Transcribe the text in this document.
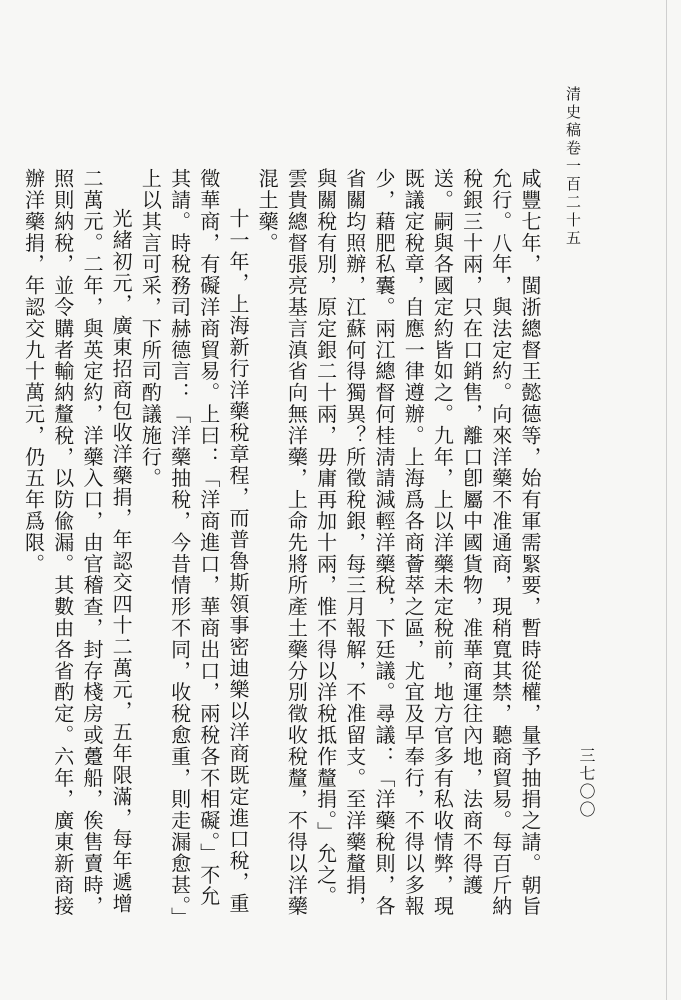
清史稿卷一百二十五

咸豐七年，閩浙總督王懿德等，始有軍需緊要，暫時從權，量予抽捐之請。朝旨允行。八年，與法定約。向來洋藥不准通商，現稍寬其禁，聽商貿易。每百斤納稅銀三十兩，只在口銷售，離口卽屬中國貨物，准華商運往內地，法商不得護送。嗣與各國定約皆如之。九年，上以洋藥未定稅前，地方官多有私收情弊，現既議定稅章，自應一律遵辦。上海爲各商薈萃之區，尤宜及早奉行，不得以多報少，藉肥私囊。兩江總督何桂淸請減輕洋藥稅，下廷議。尋議：「洋藥稅則，各省關均照辦，江蘇何得獨異？所徵稅銀，每三月報解，不准留支。至洋藥釐捐，與關稅有別，原定銀二十兩，毋庸再加十兩，惟不得以洋稅抵作釐捐。」允之。雲貴總督張亮基言滇省向無洋藥，上命先將所產土藥分別徵收稅釐，不得以洋藥混土藥。

十一年，上海新行洋藥稅章程，而普魯斯領事密迪樂以洋商既定進口稅，重徵華商，有礙洋商貿易。上曰：「洋商進口，華商出口，兩稅各不相礙。」不允其請。時稅務司赫德言：「洋藥抽稅，今昔情形不同，收稅愈重，則走漏愈甚。」上以其言可采，下所司酌議施行。

光緒初元，廣東招商包收洋藥捐，年認交四十二萬元，五年限滿，每年遞增二萬元。二年，與英定約，洋藥入口，由官稽查，封存棧房或躉船，俟售賣時，照則納稅，並令購者輸納釐稅，以防偸漏。其數由各省酌定。六年，廣東新商接辦洋藥捐，年認交九十萬元，仍五年爲限。

三七〇〇
